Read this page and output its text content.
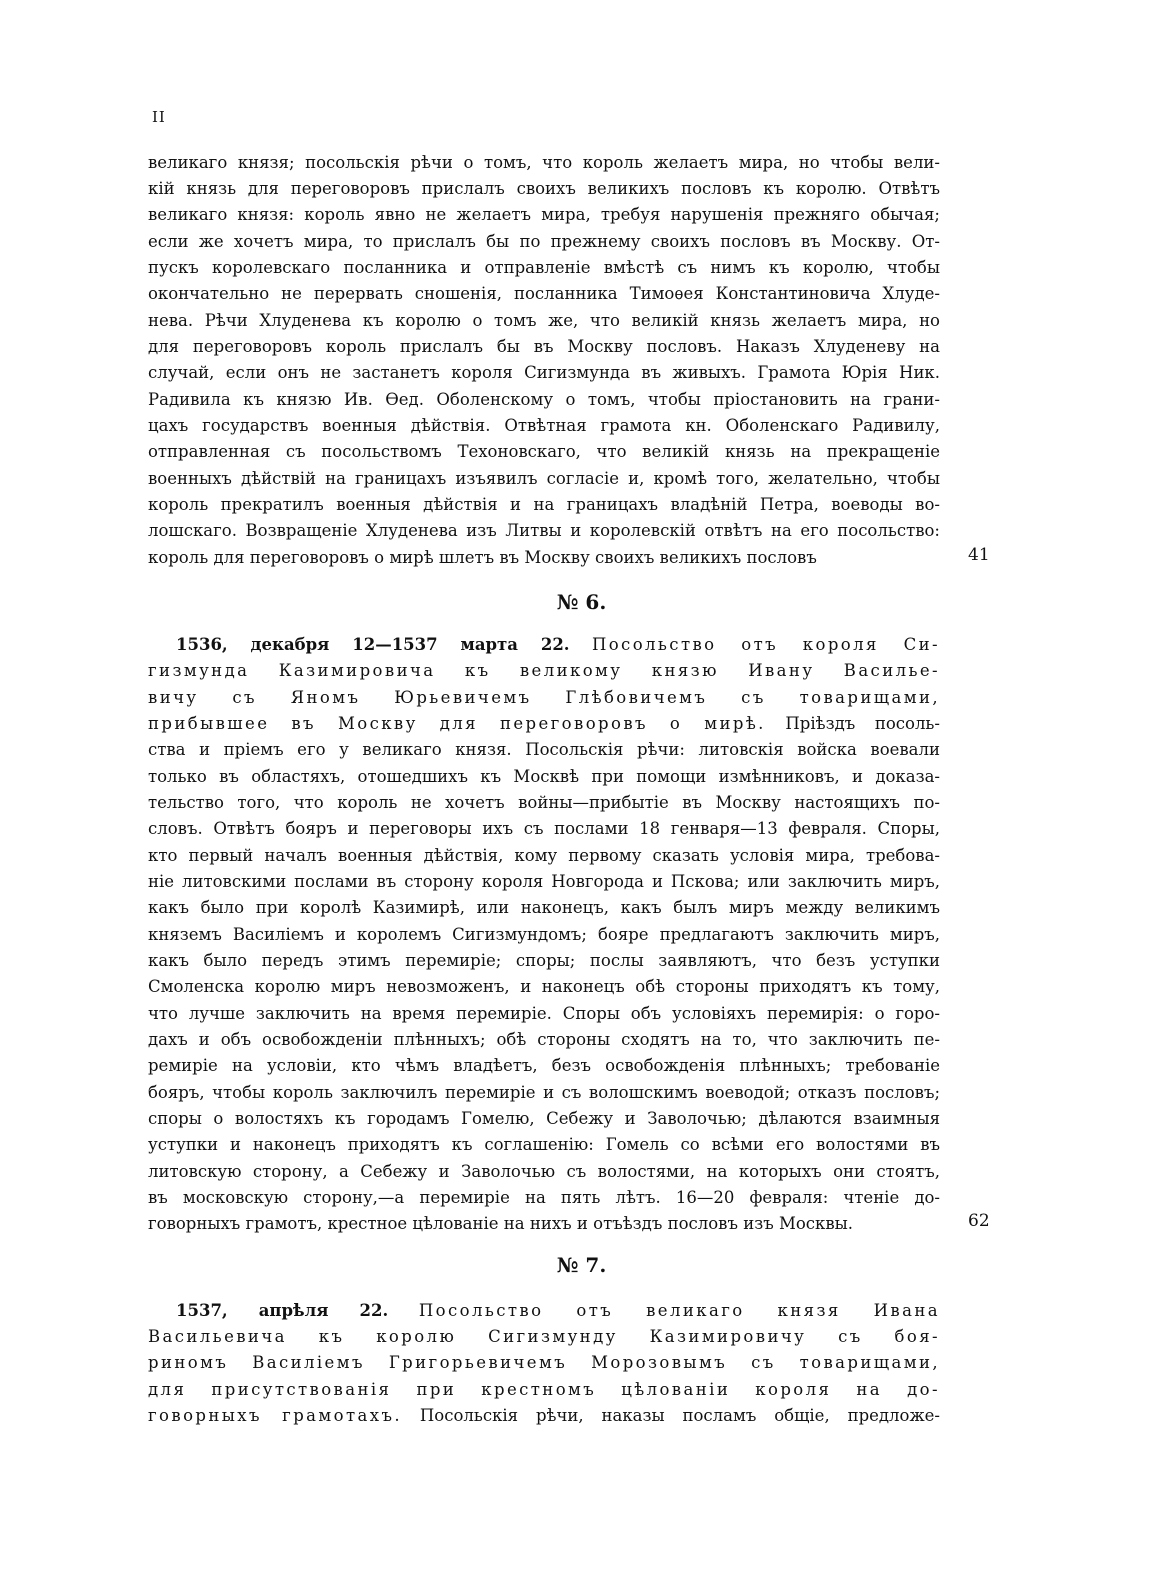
II
великаго князя; посольскія рѣчи о томъ, что король желаетъ мира, но чтобы вели-
кій князь для переговоровъ прислалъ своихъ великихъ пословъ къ королю. Отвѣтъ
великаго князя: король явно не желаетъ мира, требуя нарушенія прежняго обычая;
если же хочетъ мира, то прислалъ бы по прежнему своихъ пословъ въ Москву. От-
пускъ королевскаго посланника и отправленіе вмѣстѣ съ нимъ къ королю, чтобы
окончательно не перервать сношенія, посланника Тимоѳея Константиновича Хлуде-
нева. Рѣчи Хлуденева къ королю о томъ же, что великій князь желаетъ мира, но
для переговоровъ король прислалъ бы въ Москву пословъ. Наказъ Хлуденеву на
случай, если онъ не застанетъ короля Сигизмунда въ живыхъ. Грамота Юрія Ник.
Радивила къ князю Ив. Ѳед. Оболенскому о томъ, чтобы пріостановить на грани-
цахъ государствъ военныя дѣйствія. Отвѣтная грамота кн. Оболенскаго Радивилу,
отправленная съ посольствомъ Техоновскаго, что великій князь на прекращеніе
военныхъ дѣйствій на границахъ изъявилъ согласіе и, кромѣ того, желательно, чтобы
король прекратилъ военныя дѣйствія и на границахъ владѣній Петра, воеводы во-
лошскаго. Возвращеніе Хлуденева изъ Литвы и королевскій отвѣтъ на его посольство:
король для переговоровъ о мирѣ шлетъ въ Москву своихъ великихъ пословъ	41
№ 6.
1536, декабря 12—1537 марта 22. Посольство отъ короля Си-
гизмунда Казимировича къ великому князю Ивану Василье-
вичу съ Яномъ Юрьевичемъ Глѣбовичемъ съ товарищами,
прибывшее въ Москву для переговоровъ о мирѣ. Пріѣздъ посоль-
ства и пріемъ его у великаго князя. Посольскія рѣчи: литовскія войска воевали
только въ областяхъ, отошедшихъ къ Москвѣ при помощи измѣнниковъ, и доказа-
тельство того, что король не хочетъ войны—прибытіе въ Москву настоящихъ по-
словъ. Отвѣтъ бояръ и переговоры ихъ съ послами 18 генваря—13 февраля. Споры,
кто первый началъ военныя дѣйствія, кому первому сказать условія мира, требова-
ніе литовскими послами въ сторону короля Новгорода и Пскова; или заключить миръ,
какъ было при королѣ Казимирѣ, или наконецъ, какъ былъ миръ между великимъ
княземъ Василіемъ и королемъ Сигизмундомъ; бояре предлагаютъ заключить миръ,
какъ было передъ этимъ перемиріе; споры; послы заявляютъ, что безъ уступки
Смоленска королю миръ невозможенъ, и наконецъ обѣ стороны приходятъ къ тому,
что лучше заключить на время перемиріе. Споры объ условіяхъ перемирія: о горо-
дахъ и объ освобожденіи плѣнныхъ; обѣ стороны сходятъ на то, что заключить пе-
ремиріе на условіи, кто чѣмъ владѣетъ, безъ освобожденія плѣнныхъ; требованіе
бояръ, чтобы король заключилъ перемиріе и съ волошскимъ воеводой; отказъ пословъ;
споры о волостяхъ къ городамъ Гомелю, Себежу и Заволочью; дѣлаются взаимныя
уступки и наконецъ приходятъ къ соглашенію: Гомель со всѣми его волостями въ
литовскую сторону, а Себежу и Заволочью съ волостями, на которыхъ они стоятъ,
въ московскую сторону,—а перемиріе на пять лѣтъ. 16—20 февраля: чтеніе до-
говорныхъ грамотъ, крестное цѣлованіе на нихъ и отъѣздъ пословъ изъ Москвы.	62
№ 7.
1537, апрѣля 22. Посольство отъ великаго князя Ивана
Васильевича къ королю Сигизмунду Казимировичу съ боя-
риномъ Василіемъ Григорьевичемъ Морозовымъ съ товарищами,
для присутствованія при крестномъ цѣлованіи короля на до-
говорныхъ грамотахъ. Посольскія рѣчи, наказы посламъ общіе, предложе-
